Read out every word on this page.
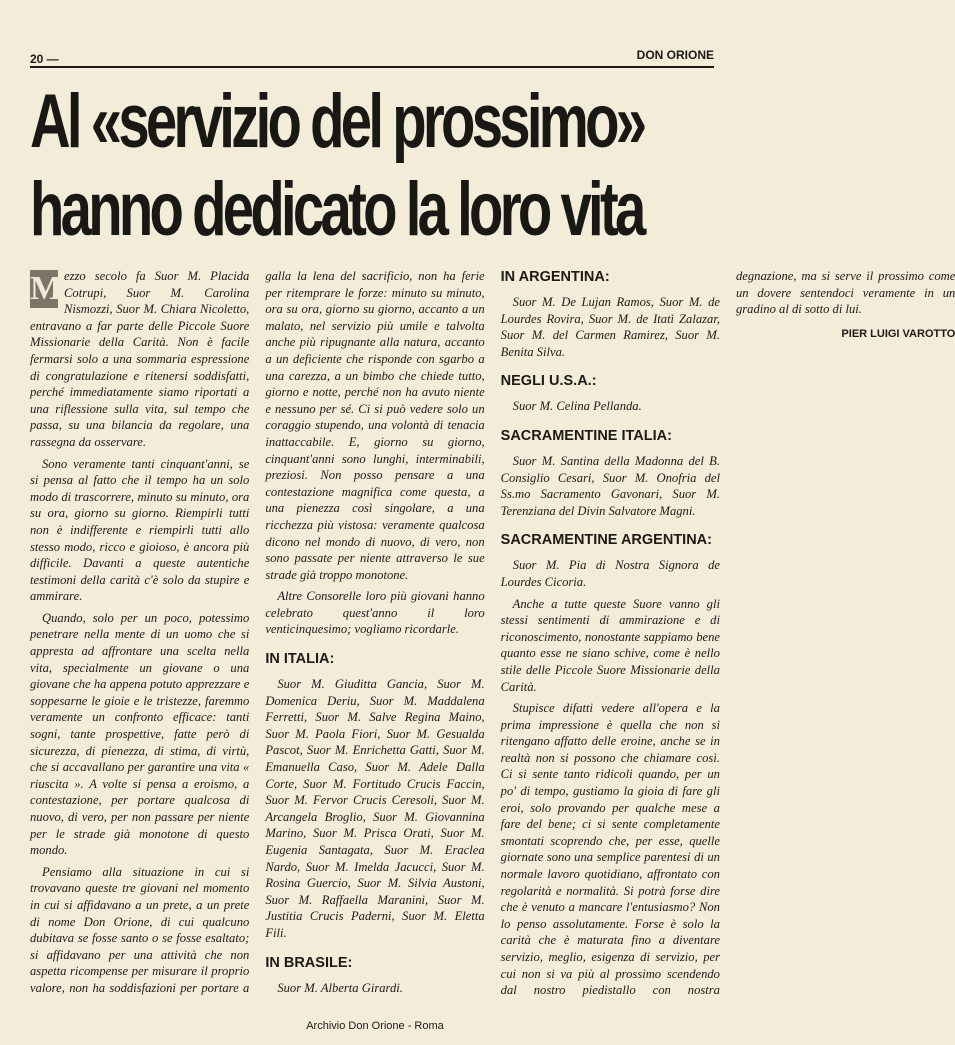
20 —	DON ORIONE
Al «servizio del prossimo»
hanno dedicato la loro vita

M ezzo secolo fa Suor M. Placida Cotrupi, Suor M. Carolina Nismozzi, Suor M. Chiara Nicoletto, entravano a far parte delle Piccole Suore Missionarie della Carità. Non è facile fermarsi solo a una sommaria espressione di congratulazione e ritenersi soddisfatti, perché immediatamente siamo riportati a una riflessione sulla vita, sul tempo che passa, su una bilancia da regolare, una rassegna da osservare.

Sono veramente tanti cinquant'anni, se si pensa al fatto che il tempo ha un solo modo di trascorrere, minuto su minuto, ora su ora, giorno su giorno. Riempirli tutti non è indifferente e riempirli tutti allo stesso modo, ricco e gioioso, è ancora più difficile. Davanti a queste autentiche testimoni della carità c'è solo da stupire e ammirare.

Quando, solo per un poco, potessimo penetrare nella mente di un uomo che si appresta ad affrontare una scelta nella vita, specialmente un giovane o una giovane che ha appena potuto apprezzare e soppesarne le gioie e le tristezze, faremmo veramente un confronto efficace: tanti sogni, tante prospettive, fatte però di sicurezza, di pienezza, di stima, di virtù, che si accavallano per garantire una vita « riuscita ». A volte si pensa a eroismo, a contestazione, per portare qualcosa di nuovo, di vero, per non passare per niente per le strade già monotone di questo mondo.

Pensiamo alla situazione in cui si trovavano queste tre giovani nel momento in cui si affidavano a un prete, a un prete di nome Don Orione, di cui qualcuno dubitava se fosse santo o se fosse esaltato; si affidavano per una attività che non aspetta ricompense per misurare il proprio valore, non ha soddisfazioni per portare a galla la lena del sacrificio, non ha ferie per ritemprare le forze: minuto su minuto, ora su ora, giorno su giorno, accanto a un malato, nel servizio più umile e talvolta anche più ripugnante alla natura, accanto a un deficiente che risponde con sgarbo a una carezza, a un bimbo che chiede tutto, giorno e notte, perché non ha avuto niente e nessuno per sé. Ci si può vedere solo un coraggio stupendo, una volontà di tenacia inattaccabile. E, giorno su giorno, cinquant'anni sono lunghi, interminabili, preziosi. Non posso pensare a una contestazione magnifica come questa, a una pienezza così singolare, a una ricchezza più vistosa: veramente qualcosa dicono nel mondo di nuovo, di vero, non sono passate per niente attraverso le sue strade già troppo monotone.

Altre Consorelle loro più giovani hanno celebrato quest'anno il loro venticinquesimo; vogliamo ricordarle.

IN ITALIA:

Suor M. Giuditta Gancia, Suor M. Domenica Deriu, Suor M. Maddalena Ferretti, Suor M. Salve Regina Maino, Suor M. Paola Fiori, Suor M. Gesualda Pascot, Suor M. Enrichetta Gatti, Suor M. Emanuella Caso, Suor M. Adele Dalla Corte, Suor M. Fortitudo Crucis Faccin, Suor M. Fervor Crucis Ceresoli, Suor M. Arcangela Broglio, Suor M. Giovannina Marino, Suor M. Prisca Orati, Suor M. Eugenia Santagata, Suor M. Eraclea Nardo, Suor M. Imelda Jacucci, Suor M. Rosina Guercio, Suor M. Silvia Austoni, Suor M. Raffaella Maranini, Suor M. Justitia Crucis Paderni, Suor M. Eletta Fili.

IN BRASILE:

Suor M. Alberta Girardi.

IN ARGENTINA:

Suor M. De Lujan Ramos, Suor M. de Lourdes Rovira, Suor M. de Itatì Zalazar, Suor M. del Carmen Ramirez, Suor M. Benita Silva.

NEGLI U.S.A.:

Suor M. Celina Pellanda.

SACRAMENTINE ITALIA:

Suor M. Santina della Madonna del B. Consiglio Cesari, Suor M. Onofria del Ss.mo Sacramento Gavonari, Suor M. Terenziana del Divin Salvatore Magni.

SACRAMENTINE ARGENTINA:

Suor M. Pia di Nostra Signora de Lourdes Cicoria.

Anche a tutte queste Suore vanno gli stessi sentimenti di ammirazione e di riconoscimento, nonostante sappiamo bene quanto esse ne siano schive, come è nello stile delle Piccole Suore Missionarie della Carità.

Stupisce difatti vedere all'opera e la prima impressione è quella che non si ritengano affatto delle eroine, anche se in realtà non si possono che chiamare così. Ci si sente tanto ridicoli quando, per un po' di tempo, gustiamo la gioia di fare gli eroi, solo provando per qualche mese a fare del bene; ci si sente completamente smontati scoprendo che, per esse, quelle giornate sono una semplice parentesi di un normale lavoro quotidiano, affrontato con regolarità e normalità. Si potrà forse dire che è venuto a mancare l'entusiasmo? Non lo penso assolutamente. Forse è solo la carità che è maturata fino a diventare servizio, meglio, esigenza di servizio, per cui non si va più al prossimo scendendo dal nostro piedistallo con nostra degnazione, ma si serve il prossimo come un dovere sentendoci veramente in un gradino al di sotto di lui.

PIER LUIGI VAROTTO
Archivio Don Orione - Roma
